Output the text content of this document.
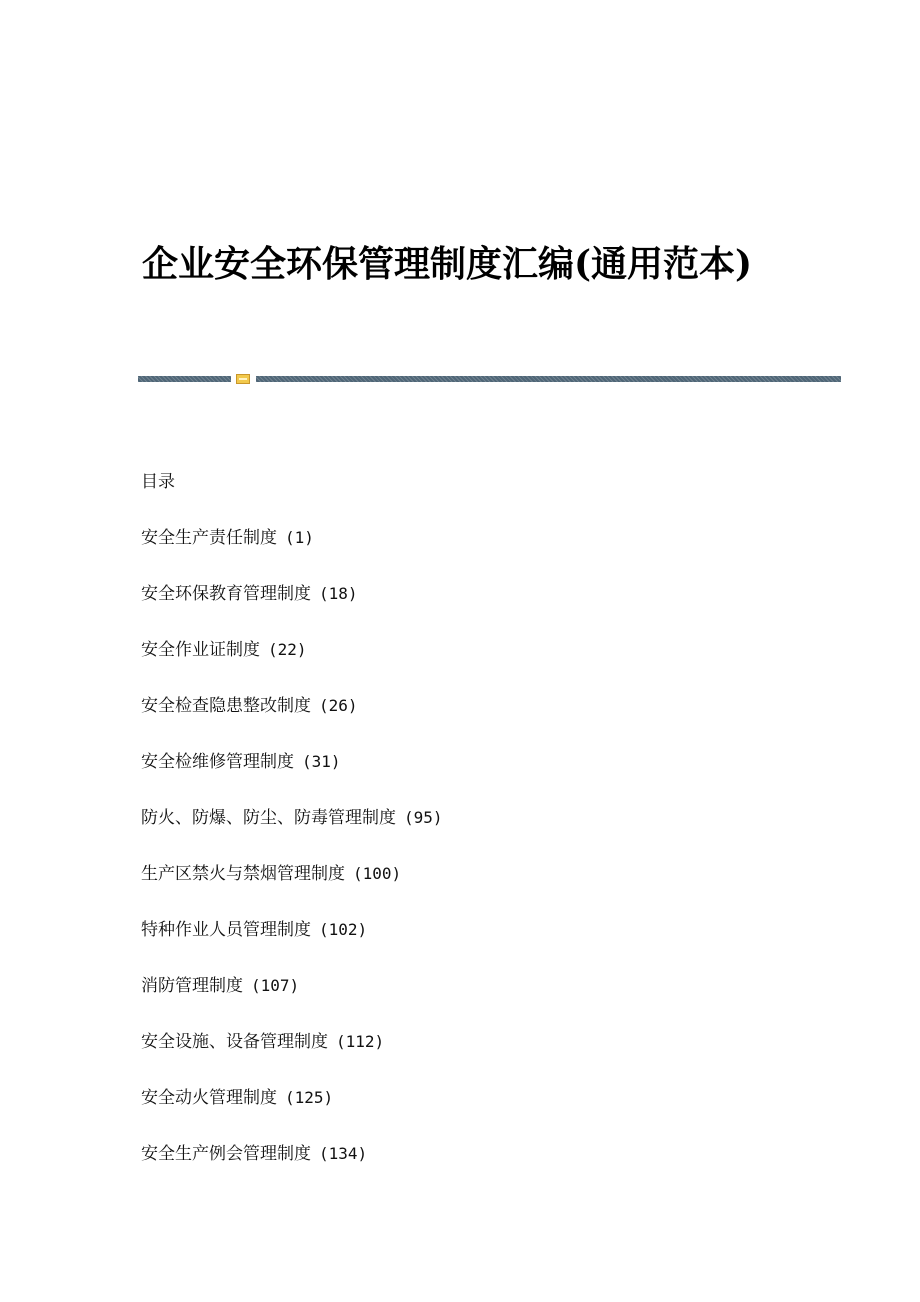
企业安全环保管理制度汇编(通用范本)
目录
安全生产责任制度 (1)
安全环保教育管理制度 (18)
安全作业证制度 (22)
安全检查隐患整改制度 (26)
安全检维修管理制度 (31)
防火、防爆、防尘、防毒管理制度 (95)
生产区禁火与禁烟管理制度 (100)
特种作业人员管理制度 (102)
消防管理制度 (107)
安全设施、设备管理制度 (112)
安全动火管理制度 (125)
安全生产例会管理制度 (134)
